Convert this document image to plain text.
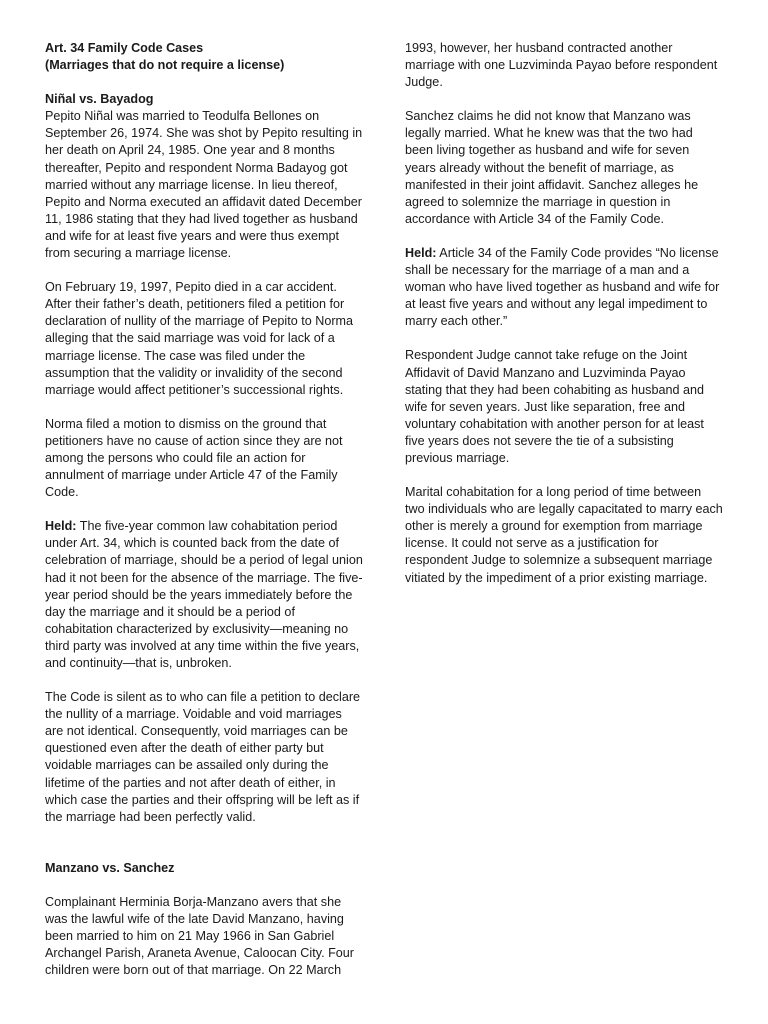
Art. 34 Family Code Cases

(Marriages that do not require a license)

Niñal vs. Bayadog

Pepito Niñal was married to Teodulfa Bellones on September 26, 1974. She was shot by Pepito resulting in her death on April 24, 1985. One year and 8 months thereafter, Pepito and respondent Norma Badayog got married without any marriage license. In lieu thereof, Pepito and Norma executed an affidavit dated December 11, 1986 stating that they had lived together as husband and wife for at least five years and were thus exempt from securing a marriage license.

On February 19, 1997, Pepito died in a car accident. After their father’s death, petitioners filed a petition for declaration of nullity of the marriage of Pepito to Norma alleging that the said marriage was void for lack of a marriage license. The case was filed under the assumption that the validity or invalidity of the second marriage would affect petitioner’s successional rights.

Norma filed a motion to dismiss on the ground that petitioners have no cause of action since they are not among the persons who could file an action for annulment of marriage under Article 47 of the Family Code.

Held: The five-year common law cohabitation period under Art. 34, which is counted back from the date of celebration of marriage, should be a period of legal union had it not been for the absence of the marriage. The five-year period should be the years immediately before the day the marriage and it should be a period of cohabitation characterized by exclusivity—meaning no third party was involved at any time within the five years, and continuity—that is, unbroken.

The Code is silent as to who can file a petition to declare the nullity of a marriage. Voidable and void marriages are not identical. Consequently, void marriages can be questioned even after the death of either party but voidable marriages can be assailed only during the lifetime of the parties and not after death of either, in which case the parties and their offspring will be left as if the marriage had been perfectly valid.

Manzano vs. Sanchez

Complainant Herminia Borja-Manzano avers that she was the lawful wife of the late David Manzano, having been married to him on 21 May 1966 in San Gabriel Archangel Parish, Araneta Avenue, Caloocan City. Four children were born out of that marriage. On 22 March

1993, however, her husband contracted another marriage with one Luzviminda Payao before respondent Judge.

Sanchez claims he did not know that Manzano was legally married. What he knew was that the two had been living together as husband and wife for seven years already without the benefit of marriage, as manifested in their joint affidavit. Sanchez alleges he agreed to solemnize the marriage in question in accordance with Article 34 of the Family Code.

Held: Article 34 of the Family Code provides “No license shall be necessary for the marriage of a man and a woman who have lived together as husband and wife for at least five years and without any legal impediment to marry each other.”

Respondent Judge cannot take refuge on the Joint Affidavit of David Manzano and Luzviminda Payao stating that they had been cohabiting as husband and wife for seven years. Just like separation, free and voluntary cohabitation with another person for at least five years does not severe the tie of a subsisting previous marriage.

Marital cohabitation for a long period of time between two individuals who are legally capacitated to marry each other is merely a ground for exemption from marriage license. It could not serve as a justification for respondent Judge to solemnize a subsequent marriage vitiated by the impediment of a prior existing marriage.
